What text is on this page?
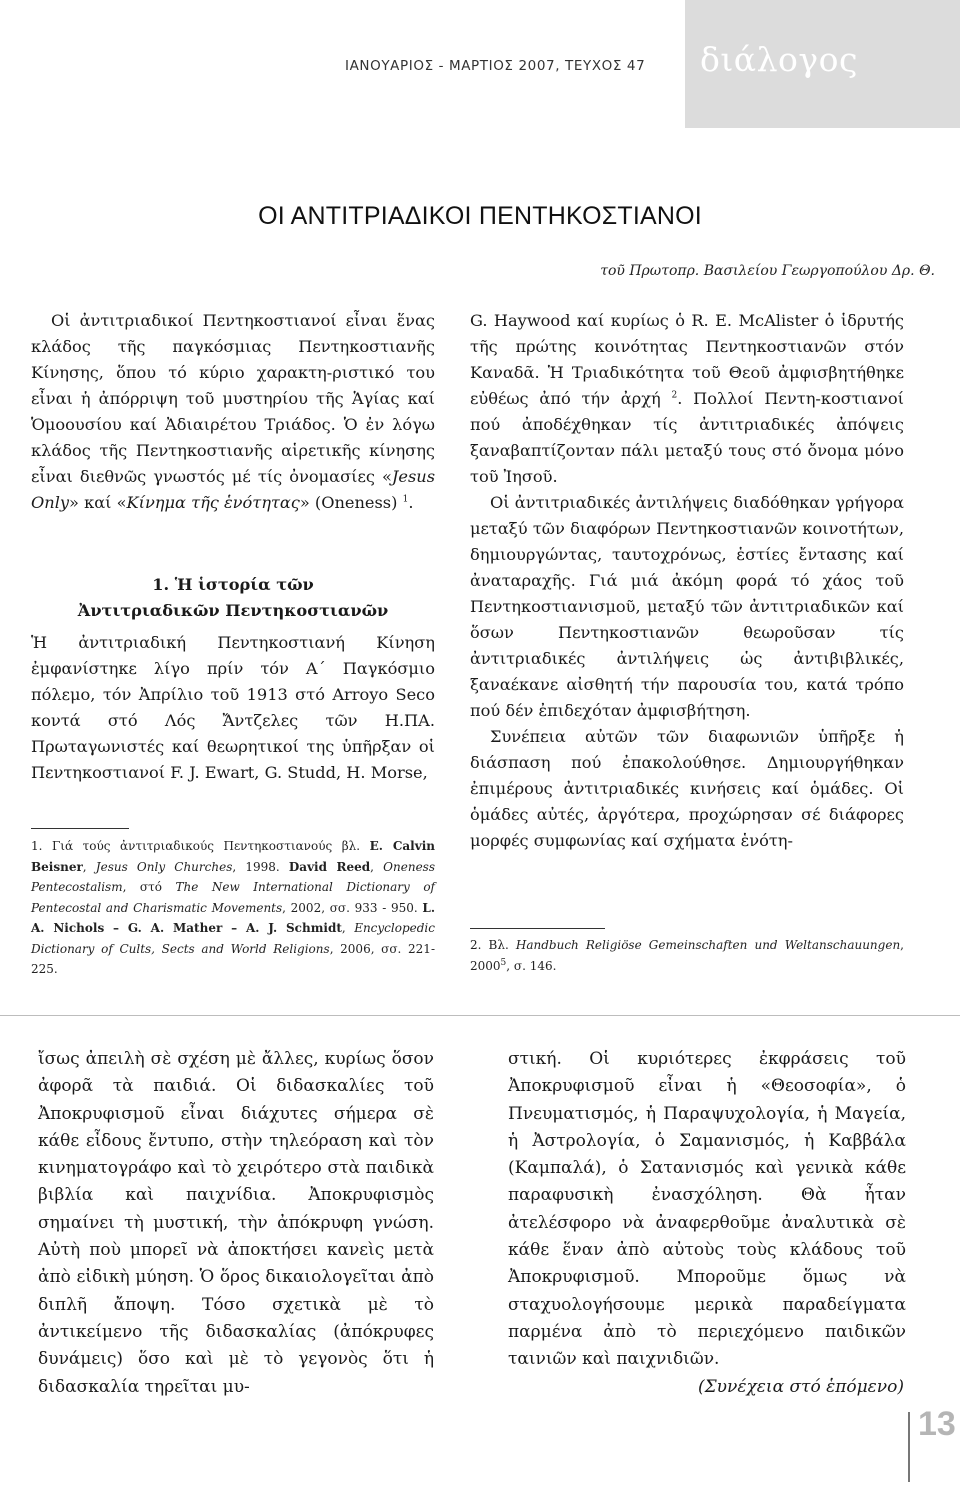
ΙΑΝΟΥΑΡΙΟΣ - ΜΑΡΤΙΟΣ 2007, ΤΕΥΧΟΣ 47	διάλογος
ΟΙ ΑΝΤΙΤΡΙΑΔΙΚΟΙ ΠΕΝΤΗΚΟΣΤΙΑΝΟΙ
τοῦ Πρωτοπρ. Βασιλείου Γεωργοπούλου Δρ. Θ.

Οἱ ἀντιτριαδικοί Πεντηκοστιανοί εἶναι ἕνας κλάδος τῆς παγκόσμιας Πεντηκοστιανῆς Κίνησης, ὅπου τό κύριο χαρακτη-ριστικό του εἶναι ἡ ἀπόρριψη τοῦ μυστηρίου τῆς Ἁγίας καί Ὁμοουσίου καί Ἀδιαιρέτου Τριάδος. Ὁ ἐν λόγω κλάδος τῆς Πεντηκοστιανῆς αἱρετικῆς κίνησης εἶναι διεθνῶς γνωστός μέ τίς ὀνομασίες «Jesus Only» καί «Κίνημα τῆς ἑνότητας» (Oneness) $^1$.

1. Ἡ ἱστορία τῶν
Ἀντιτριαδικῶν Πεντηκοστιανῶν

Ἡ ἀντιτριαδική Πεντηκοστιανή Κίνηση ἐμφανίστηκε λίγο πρίν τόν Α΄ Παγκόσμιο πόλεμο, τόν Ἀπρίλιο τοῦ 1913 στό Arroyo Seco κοντά στό Λός Ἄντζελες τῶν Η.ΠΑ. Πρωταγωνιστές καί θεωρητικοί της ὑπῆρξαν οἱ Πεντηκοστιανοί F. J. Ewart, G. Studd, H. Morse,

1. Γιά τούς ἀντιτριαδικούς Πεντηκοστιανούς βλ. E. Calvin Beisner, Jesus Only Churches, 1998. David Reed, Oneness Pentecostalism, στό The New International Dictionary of Pentecostal and Charismatic Movements, 2002, σσ. 933 - 950. L. A. Nichols – G. A. Mather – A. J. Schmidt, Encyclopedic Dictionary of Cults, Sects and World Religions, 2006, σσ. 221-225.

G. Haywood καί κυρίως ὁ R. E. McAlister ὁ ἱδρυτής τῆς πρώτης κοινότητας Πεντηκοστιανῶν στόν Καναδᾶ. Ἡ Τριαδικότητα τοῦ Θεοῦ ἀμφισβητήθηκε εὐθέως ἀπό τήν ἀρχή $^2$. Πολλοί Πεντη-κοστιανοί πού ἀποδέχθηκαν τίς ἀντιτριαδικές ἀπόψεις ξαναβαπτίζονταν πάλι μεταξύ τους στό ὄνομα μόνο τοῦ Ἰησοῦ.

Οἱ ἀντιτριαδικές ἀντιλήψεις διαδόθηκαν γρήγορα μεταξύ τῶν διαφόρων Πεντηκοστιανῶν κοινοτήτων, δημιουργώντας, ταυτοχρόνως, ἑστίες ἔντασης καί ἀναταραχῆς. Γιά μιά ἀκόμη φορά τό χάος τοῦ Πεντηκοστιανισμοῦ, μεταξύ τῶν ἀντιτριαδικῶν καί ὅσων Πεντηκοστιανῶν θεωροῦσαν τίς ἀντιτριαδικές ἀντιλήψεις ὡς ἀντιβιβλικές, ξαναέκανε αἰσθητή τήν παρουσία του, κατά τρόπο πού δέν ἐπιδεχόταν ἀμφισβήτηση.

Συνέπεια αὐτῶν τῶν διαφωνιῶν ὑπῆρξε ἡ διάσπαση πού ἐπακολούθησε. Δημιουργήθηκαν ἐπιμέρους ἀντιτριαδικές κινήσεις καί ὁμάδες. Οἱ ὁμάδες αὐτές, ἀργότερα, προχώρησαν σέ διάφορες μορφές συμφωνίας καί σχήματα ἑνότη-

2. Βλ. Handbuch Religiöse Gemeinschaften und Weltanschauungen, 2000$^5$, σ. 146.

ἴσως ἀπειλὴ σὲ σχέση μὲ ἄλλες, κυρίως ὅσον ἀφορᾶ τὰ παιδιά. Οἱ διδασκαλίες τοῦ Ἀποκρυφισμοῦ εἶναι διάχυτες σήμερα σὲ κάθε εἶδους ἔντυπο, στὴν τηλεόραση καὶ τὸν κινηματογράφο καὶ τὸ χειρότερο στὰ παιδικὰ βιβλία καὶ παιχνίδια. Ἀποκρυφισμὸς σημαίνει τὴ μυστική, τὴν ἀπόκρυφη γνώση. Αὐτὴ ποὺ μπορεῖ νὰ ἀποκτήσει κανεὶς μετὰ ἀπὸ εἰδικὴ μύηση. Ὁ ὅρος δικαιολογεῖται ἀπὸ διπλῆ ἄποψη. Τόσο σχετικὰ μὲ τὸ ἀντικείμενο τῆς διδασκαλίας (ἀπόκρυφες δυνάμεις) ὅσο καὶ μὲ τὸ γεγονὸς ὅτι ἡ διδασκαλία τηρεῖται μυ-

στική. Οἱ κυριότερες ἐκφράσεις τοῦ Ἀποκρυφισμοῦ εἶναι ἡ «Θεοσοφία», ὁ Πνευματισμός, ἡ Παραψυχολογία, ἡ Μαγεία, ἡ Ἀστρολογία, ὁ Σαμανισμός, ἡ Καββάλα (Καμπαλά), ὁ Σατανισμός καὶ γενικὰ κάθε παραφυσικὴ ἐνασχόληση. Θὰ ἦταν ἀτελέσφορο νὰ ἀναφερθοῦμε ἀναλυτικὰ σὲ κάθε ἕναν ἀπὸ αὐτοὺς τοὺς κλάδους τοῦ Ἀποκρυφισμοῦ. Μποροῦμε ὅμως νὰ σταχυολογήσουμε μερικὰ παραδείγματα παρμένα ἀπὸ τὸ περιεχόμενο παιδικῶν ταινιῶν καὶ παιχνιδιῶν.

(Συνέχεια στό ἑπόμενο)

13
